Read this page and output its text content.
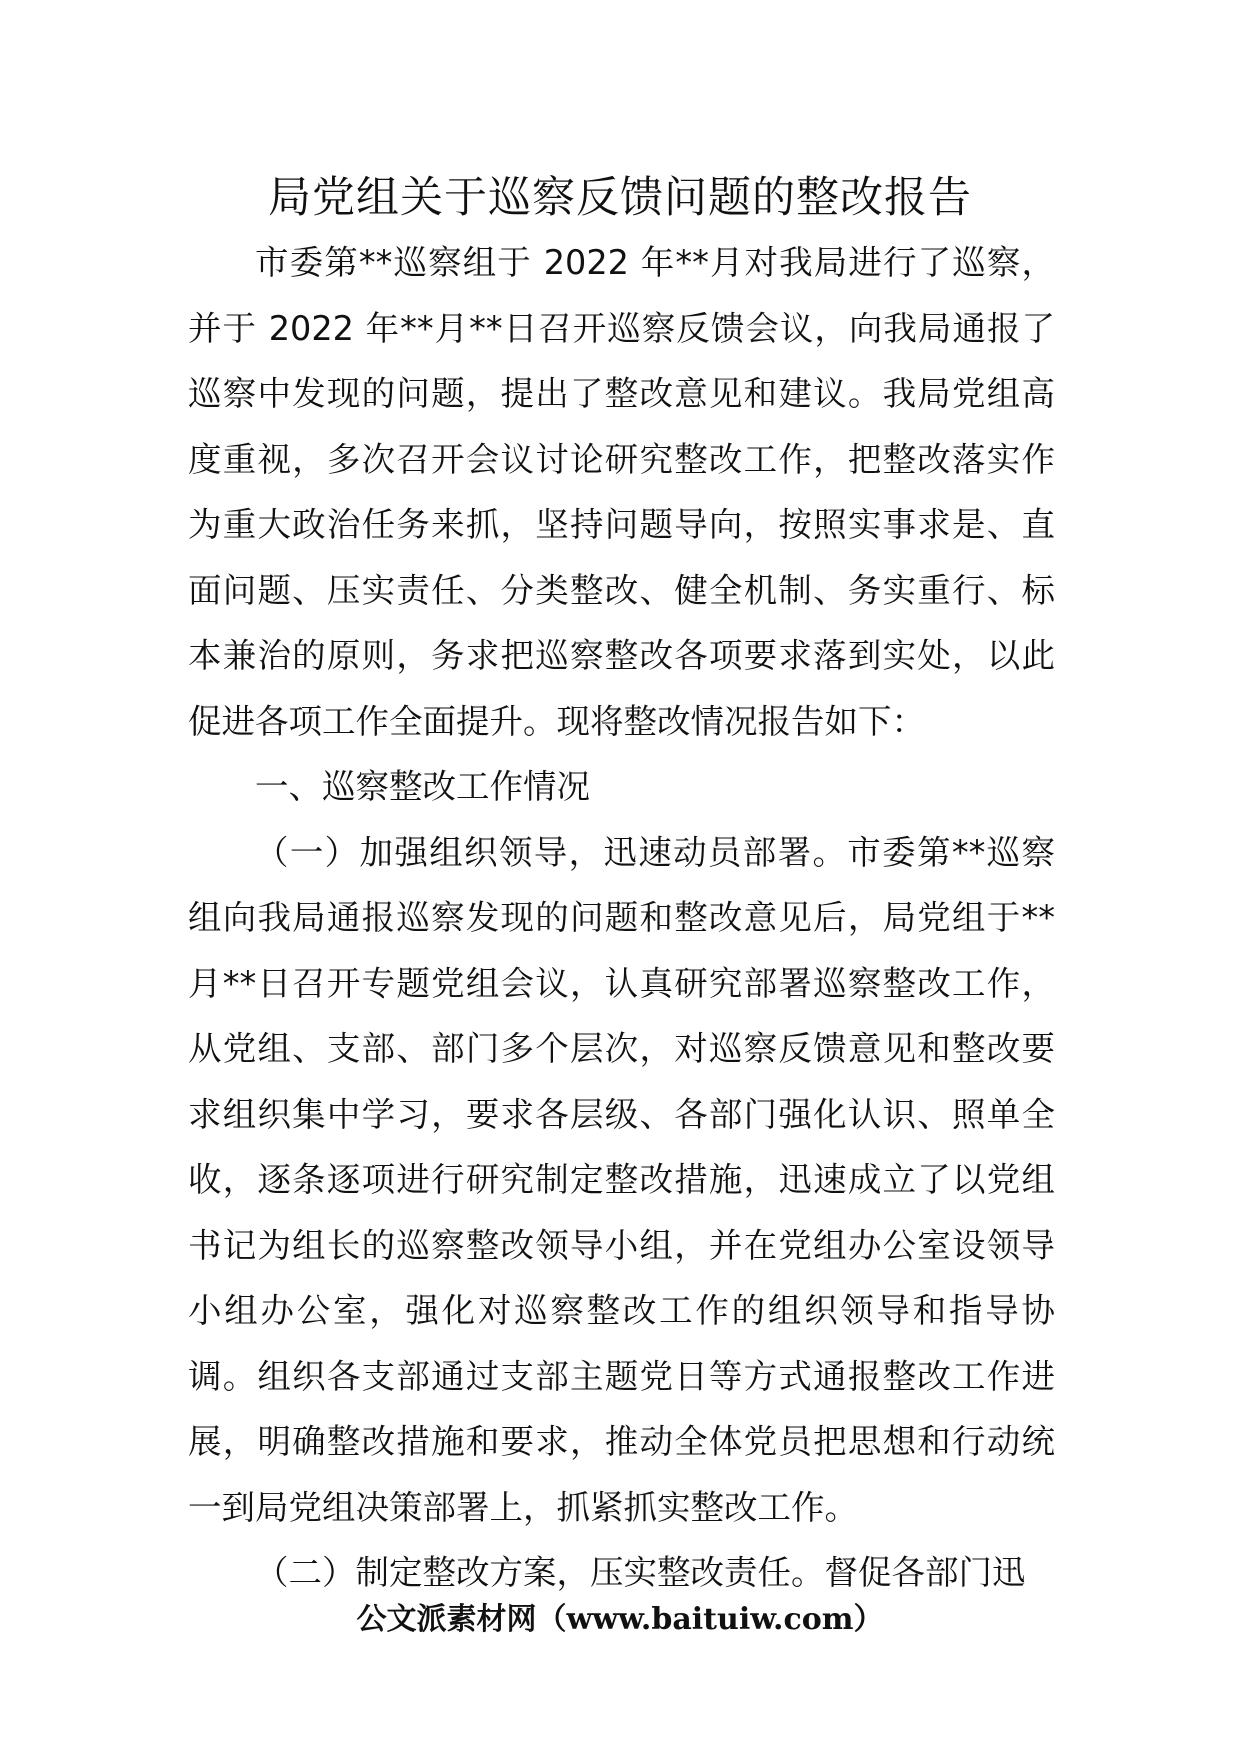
局党组关于巡察反馈问题的整改报告

市委第**巡察组于 2022 年**月对我局进行了巡察，并于 2022 年**月**日召开巡察反馈会议，向我局通报了巡察中发现的问题，提出了整改意见和建议。我局党组高度重视，多次召开会议讨论研究整改工作，把整改落实作为重大政治任务来抓，坚持问题导向，按照实事求是、直面问题、压实责任、分类整改、健全机制、务实重行、标本兼治的原则，务求把巡察整改各项要求落到实处，以此促进各项工作全面提升。现将整改情况报告如下：

一、巡察整改工作情况

（一）加强组织领导，迅速动员部署。市委第**巡察组向我局通报巡察发现的问题和整改意见后，局党组于**月**日召开专题党组会议，认真研究部署巡察整改工作，从党组、支部、部门多个层次，对巡察反馈意见和整改要求组织集中学习，要求各层级、各部门强化认识、照单全收，逐条逐项进行研究制定整改措施，迅速成立了以党组书记为组长的巡察整改领导小组，并在党组办公室设领导小组办公室，强化对巡察整改工作的组织领导和指导协调。组织各支部通过支部主题党日等方式通报整改工作进展，明确整改措施和要求，推动全体党员把思想和行动统一到局党组决策部署上，抓紧抓实整改工作。

（二）制定整改方案，压实整改责任。督促各部门迅

公文派素材网（www.baituiw.com）
